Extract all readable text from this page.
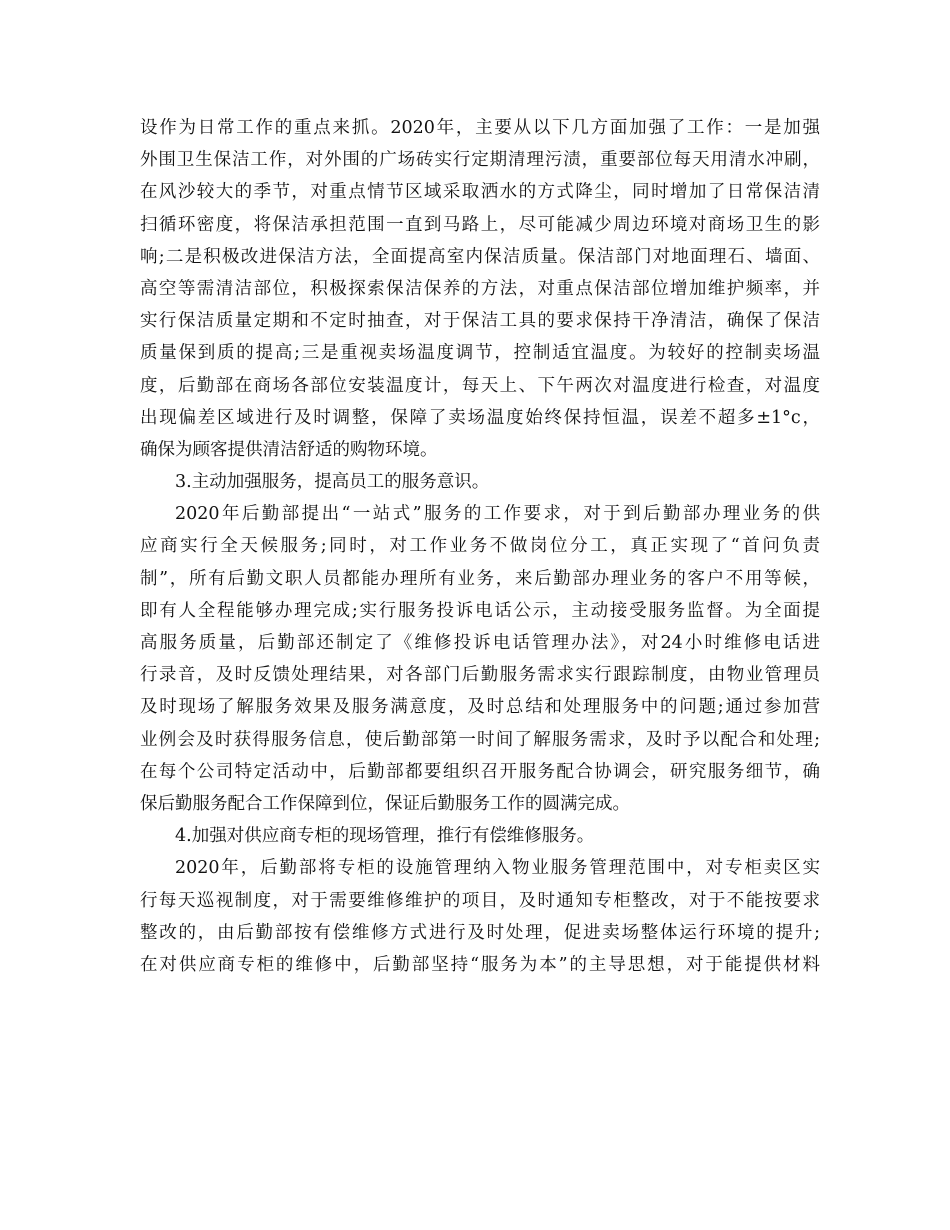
设作为日常工作的重点来抓。2020年，主要从以下几方面加强了工作：一是加强
外围卫生保洁工作，对外围的广场砖实行定期清理污渍，重要部位每天用清水冲刷，
在风沙较大的季节，对重点情节区域采取洒水的方式降尘，同时增加了日常保洁清
扫循环密度，将保洁承担范围一直到马路上，尽可能减少周边环境对商场卫生的影
响;二是积极改进保洁方法，全面提高室内保洁质量。保洁部门对地面理石、墙面、
高空等需清洁部位，积极探索保洁保养的方法，对重点保洁部位增加维护频率，并
实行保洁质量定期和不定时抽查，对于保洁工具的要求保持干净清洁，确保了保洁
质量保到质的提高;三是重视卖场温度调节，控制适宜温度。为较好的控制卖场温
度，后勤部在商场各部位安装温度计，每天上、下午两次对温度进行检查，对温度
出现偏差区域进行及时调整，保障了卖场温度始终保持恒温，误差不超多±1°c，
确保为顾客提供清洁舒适的购物环境。
3.主动加强服务，提高员工的服务意识。
2020年后勤部提出“一站式”服务的工作要求，对于到后勤部办理业务的供
应商实行全天候服务;同时，对工作业务不做岗位分工，真正实现了“首问负责
制”，所有后勤文职人员都能办理所有业务，来后勤部办理业务的客户不用等候，
即有人全程能够办理完成;实行服务投诉电话公示，主动接受服务监督。为全面提
高服务质量，后勤部还制定了《维修投诉电话管理办法》，对24小时维修电话进
行录音，及时反馈处理结果，对各部门后勤服务需求实行跟踪制度，由物业管理员
及时现场了解服务效果及服务满意度，及时总结和处理服务中的问题;通过参加营
业例会及时获得服务信息，使后勤部第一时间了解服务需求，及时予以配合和处理;
在每个公司特定活动中，后勤部都要组织召开服务配合协调会，研究服务细节，确
保后勤服务配合工作保障到位，保证后勤服务工作的圆满完成。
4.加强对供应商专柜的现场管理，推行有偿维修服务。
2020年，后勤部将专柜的设施管理纳入物业服务管理范围中，对专柜卖区实
行每天巡视制度，对于需要维修维护的项目，及时通知专柜整改，对于不能按要求
整改的，由后勤部按有偿维修方式进行及时处理，促进卖场整体运行环境的提升;
在对供应商专柜的维修中，后勤部坚持“服务为本”的主导思想，对于能提供材料
